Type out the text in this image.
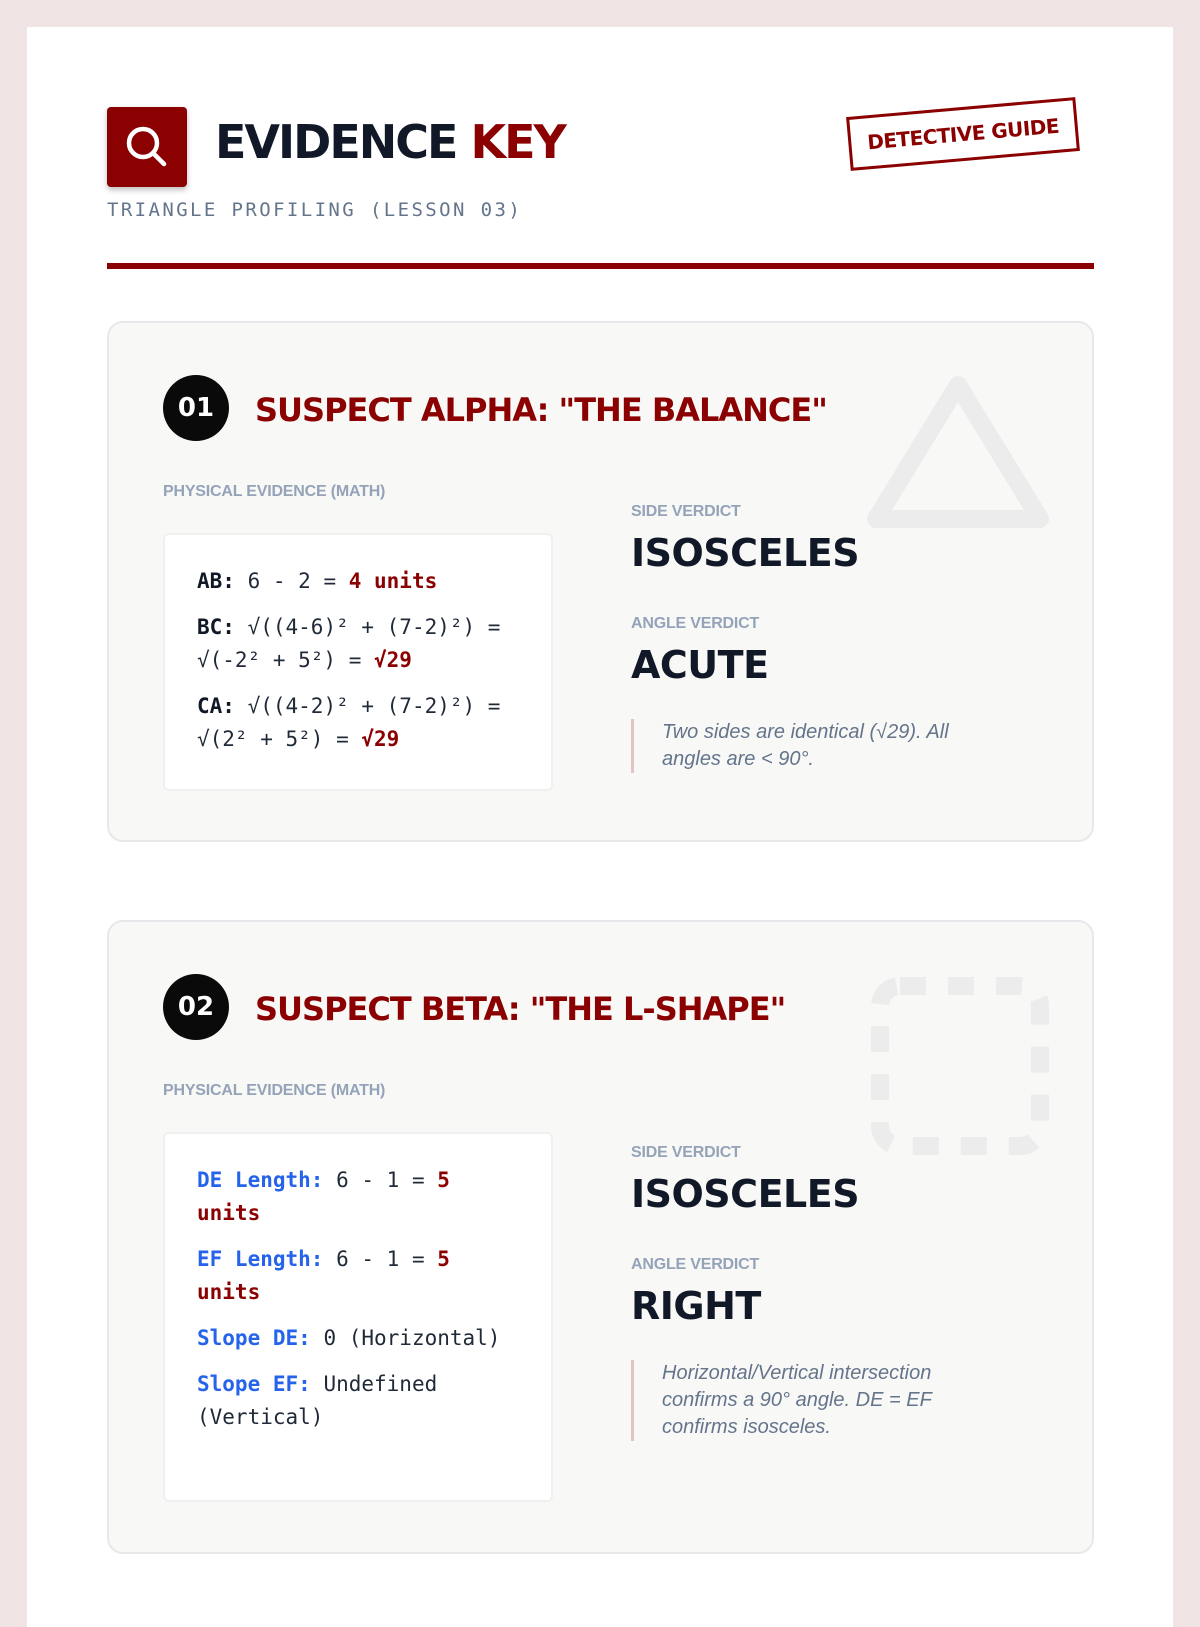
EVIDENCE KEY
TRIANGLE PROFILING (LESSON 03)
DETECTIVE GUIDE
01	SUSPECT ALPHA: "THE BALANCE"
PHYSICAL EVIDENCE (MATH)
AB: 6 - 2 = 4 units
BC: √((4-6)² + (7-2)²) = √(-2² + 5²) = √29
CA: √((4-2)² + (7-2)²) = √(2² + 5²) = √29
SIDE VERDICT
ISOSCELES
ANGLE VERDICT
ACUTE
Two sides are identical (√29). All angles are < 90°.
02	SUSPECT BETA: "THE L-SHAPE"
PHYSICAL EVIDENCE (MATH)
DE Length: 6 - 1 = 5 units
EF Length: 6 - 1 = 5 units
Slope DE: 0 (Horizontal)
Slope EF: Undefined (Vertical)
SIDE VERDICT
ISOSCELES
ANGLE VERDICT
RIGHT
Horizontal/Vertical intersection confirms a 90° angle. DE = EF confirms isosceles.
